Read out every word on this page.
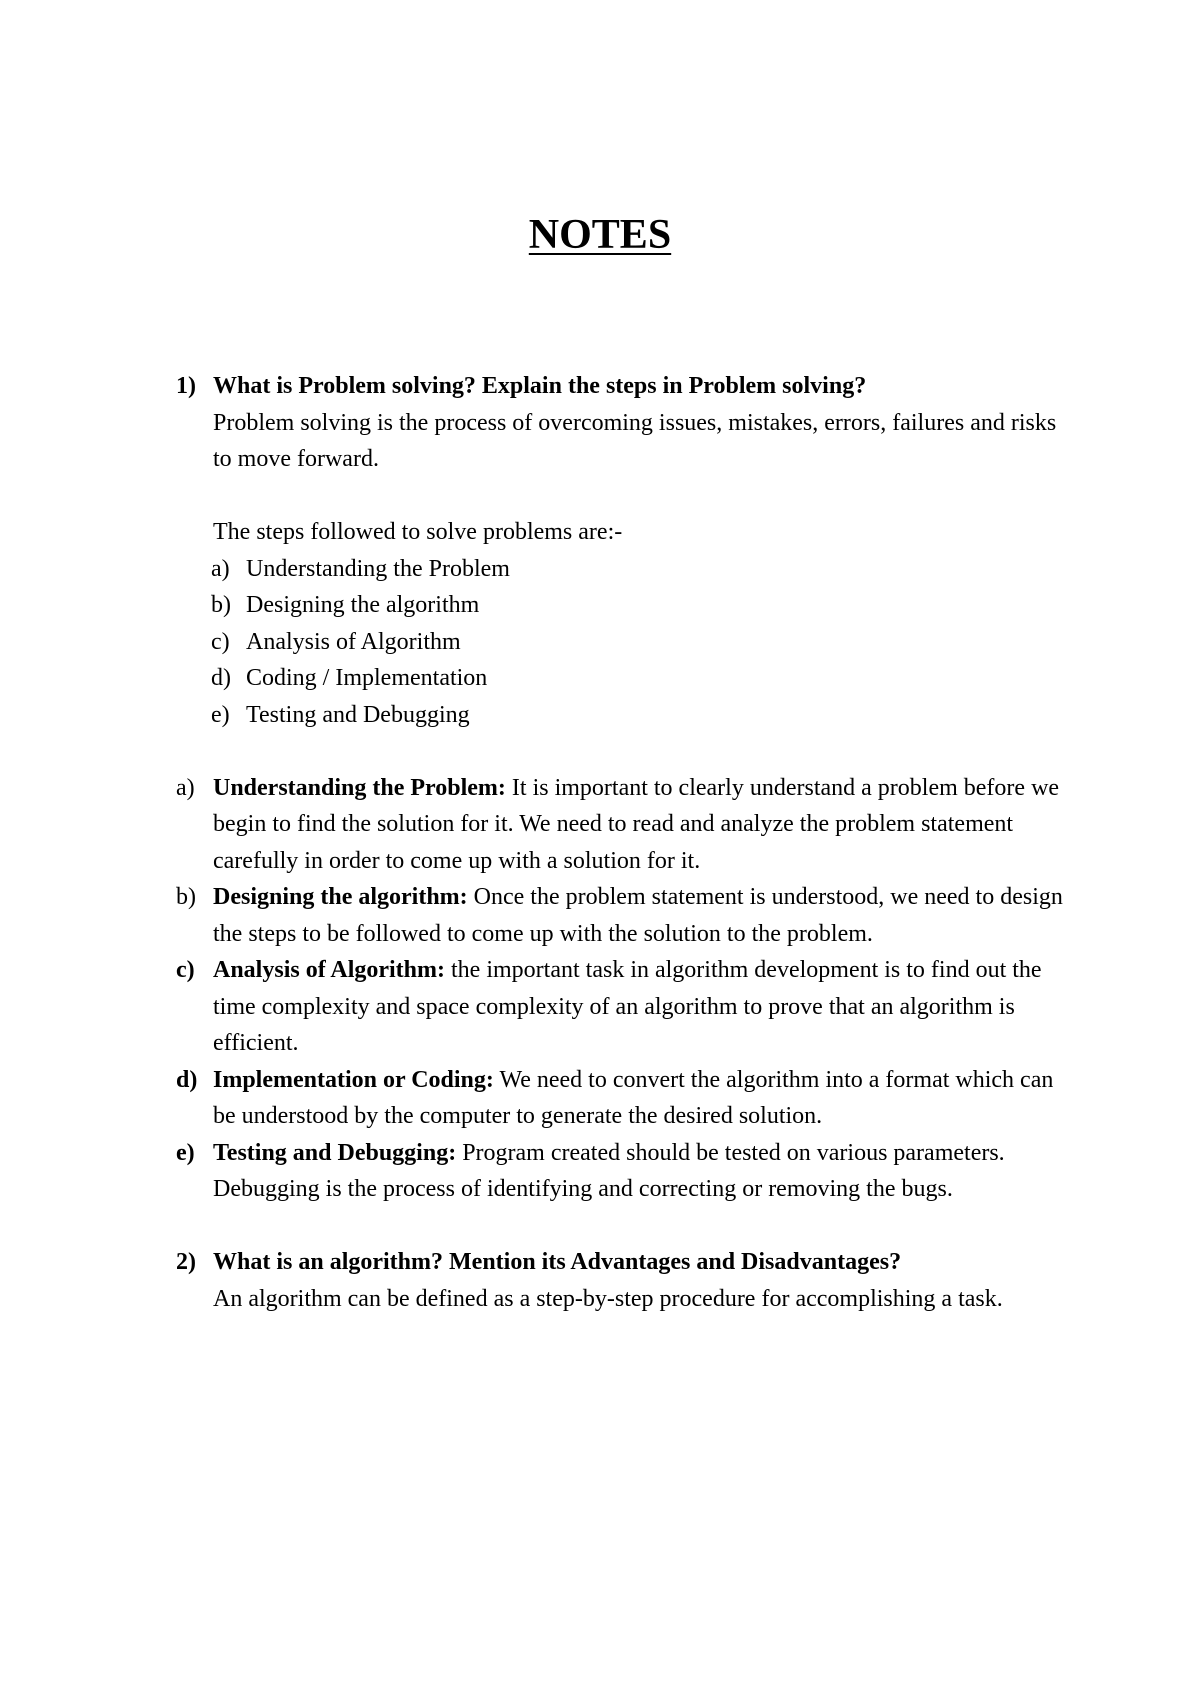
NOTES
1) What is Problem solving? Explain the steps in Problem solving?
Problem solving is the process of overcoming issues, mistakes, errors, failures and risks to move forward.
The steps followed to solve problems are:-
a) Understanding the Problem
b) Designing the algorithm
c) Analysis of Algorithm
d) Coding / Implementation
e) Testing and Debugging
a) Understanding the Problem: It is important to clearly understand a problem before we begin to find the solution for it. We need to read and analyze the problem statement carefully in order to come up with a solution for it.
b) Designing the algorithm: Once the problem statement is understood, we need to design the steps to be followed to come up with the solution to the problem.
c) Analysis of Algorithm: the important task in algorithm development is to find out the time complexity and space complexity of an algorithm to prove that an algorithm is efficient.
d) Implementation or Coding: We need to convert the algorithm into a format which can be understood by the computer to generate the desired solution.
e) Testing and Debugging: Program created should be tested on various parameters. Debugging is the process of identifying and correcting or removing the bugs.
2) What is an algorithm? Mention its Advantages and Disadvantages?
An algorithm can be defined as a step-by-step procedure for accomplishing a task.
